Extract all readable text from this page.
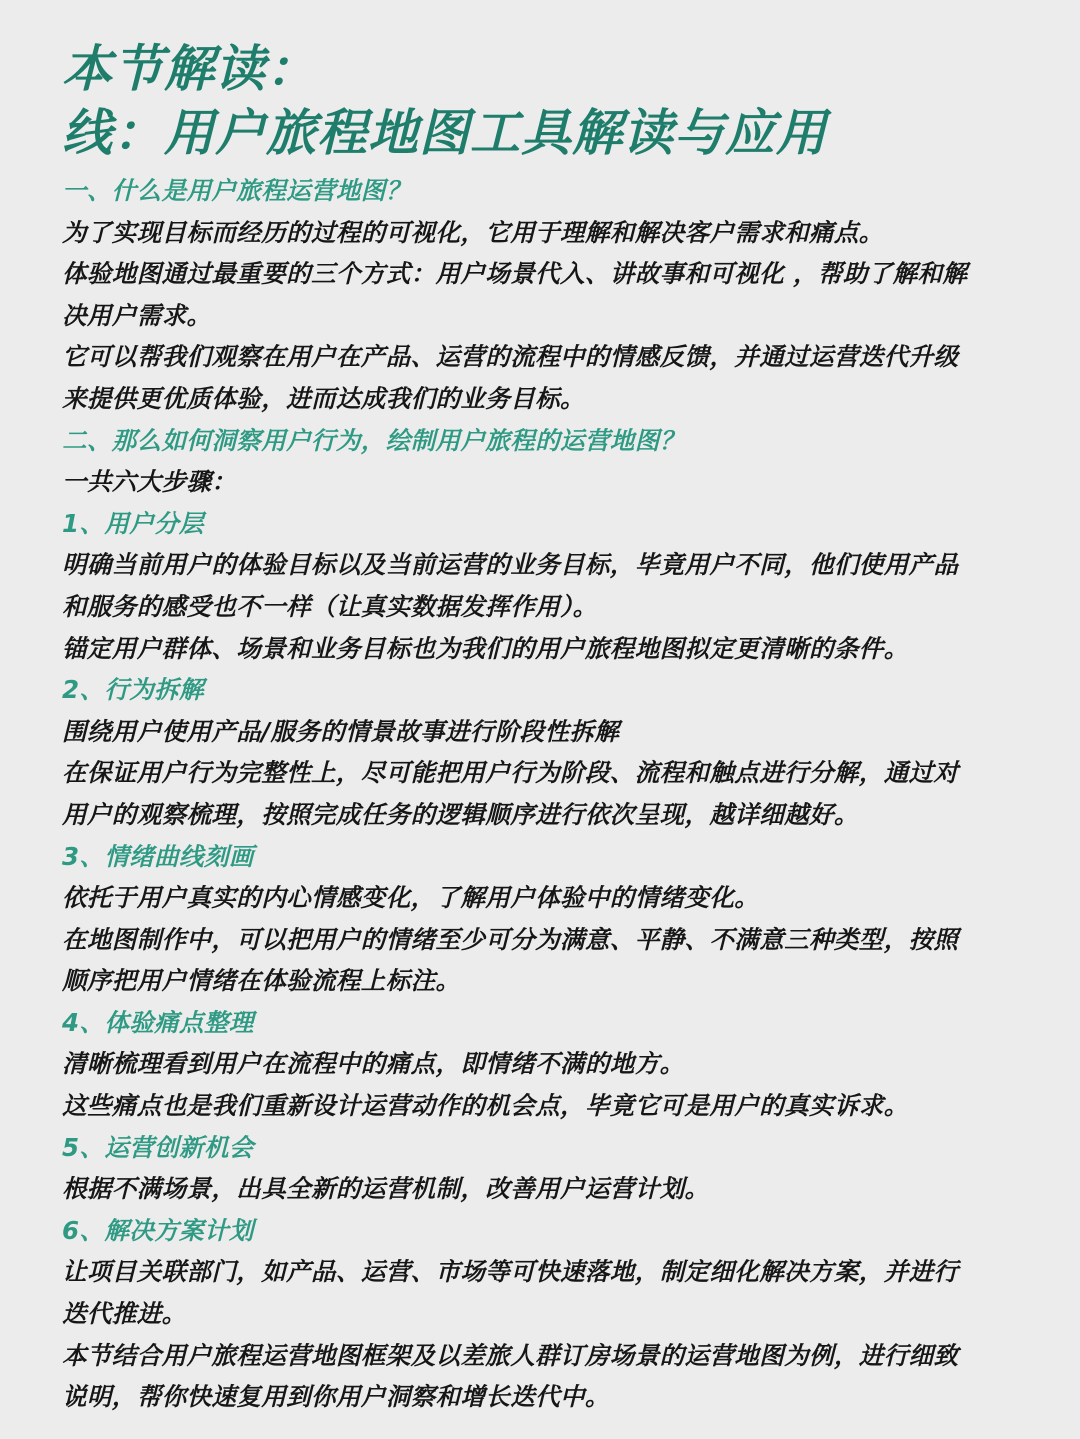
本节解读：
线：用户旅程地图工具解读与应用
一、什么是用户旅程运营地图？
为了实现目标而经历的过程的可视化，它用于理解和解决客户需求和痛点。
体验地图通过最重要的三个方式：用户场景代入、讲故事和可视化 ，帮助了解和解
决用户需求。
它可以帮我们观察在用户在产品、运营的流程中的情感反馈，并通过运营迭代升级
来提供更优质体验，进而达成我们的业务目标。
二、那么如何洞察用户行为，绘制用户旅程的运营地图？
一共六大步骤：
1、用户分层
明确当前用户的体验目标以及当前运营的业务目标，毕竟用户不同，他们使用产品
和服务的感受也不一样（让真实数据发挥作用）。
锚定用户群体、场景和业务目标也为我们的用户旅程地图拟定更清晰的条件。
2、行为拆解
围绕用户使用产品/服务的情景故事进行阶段性拆解
在保证用户行为完整性上，尽可能把用户行为阶段、流程和触点进行分解，通过对
用户的观察梳理，按照完成任务的逻辑顺序进行依次呈现，越详细越好。
3、情绪曲线刻画
依托于用户真实的内心情感变化，了解用户体验中的情绪变化。
在地图制作中，可以把用户的情绪至少可分为满意、平静、不满意三种类型，按照
顺序把用户情绪在体验流程上标注。
4、体验痛点整理
清晰梳理看到用户在流程中的痛点，即情绪不满的地方。
这些痛点也是我们重新设计运营动作的机会点，毕竟它可是用户的真实诉求。
5、运营创新机会
根据不满场景，出具全新的运营机制，改善用户运营计划。
6、解决方案计划
让项目关联部门，如产品、运营、市场等可快速落地，制定细化解决方案，并进行
迭代推进。
本节结合用户旅程运营地图框架及以差旅人群订房场景的运营地图为例，进行细致
说明，帮你快速复用到你用户洞察和增长迭代中。
